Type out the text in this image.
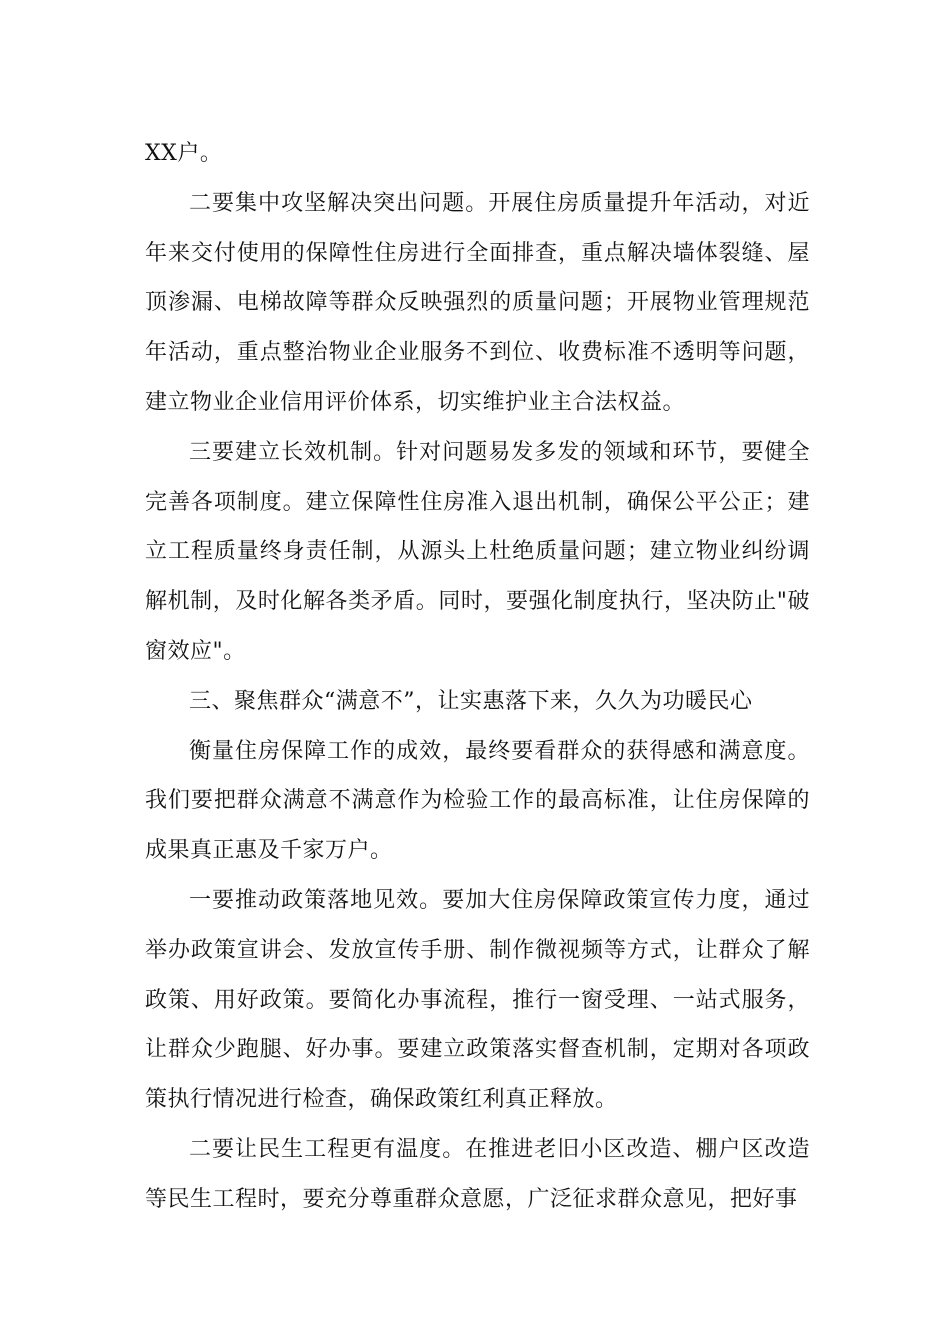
XX户。

二要集中攻坚解决突出问题。开展住房质量提升年活动，对近年来交付使用的保障性住房进行全面排查，重点解决墙体裂缝、屋顶渗漏、电梯故障等群众反映强烈的质量问题；开展物业管理规范年活动，重点整治物业企业服务不到位、收费标准不透明等问题，建立物业企业信用评价体系，切实维护业主合法权益。

三要建立长效机制。针对问题易发多发的领域和环节，要健全完善各项制度。建立保障性住房准入退出机制，确保公平公正；建立工程质量终身责任制，从源头上杜绝质量问题；建立物业纠纷调解机制，及时化解各类矛盾。同时，要强化制度执行，坚决防止"破窗效应"。

三、聚焦群众“满意不”，让实惠落下来，久久为功暖民心

衡量住房保障工作的成效，最终要看群众的获得感和满意度。我们要把群众满意不满意作为检验工作的最高标准，让住房保障的成果真正惠及千家万户。

一要推动政策落地见效。要加大住房保障政策宣传力度，通过举办政策宣讲会、发放宣传手册、制作微视频等方式，让群众了解政策、用好政策。要简化办事流程，推行一窗受理、一站式服务，让群众少跑腿、好办事。要建立政策落实督查机制，定期对各项政策执行情况进行检查，确保政策红利真正释放。

二要让民生工程更有温度。在推进老旧小区改造、棚户区改造等民生工程时，要充分尊重群众意愿，广泛征求群众意见，把好事
